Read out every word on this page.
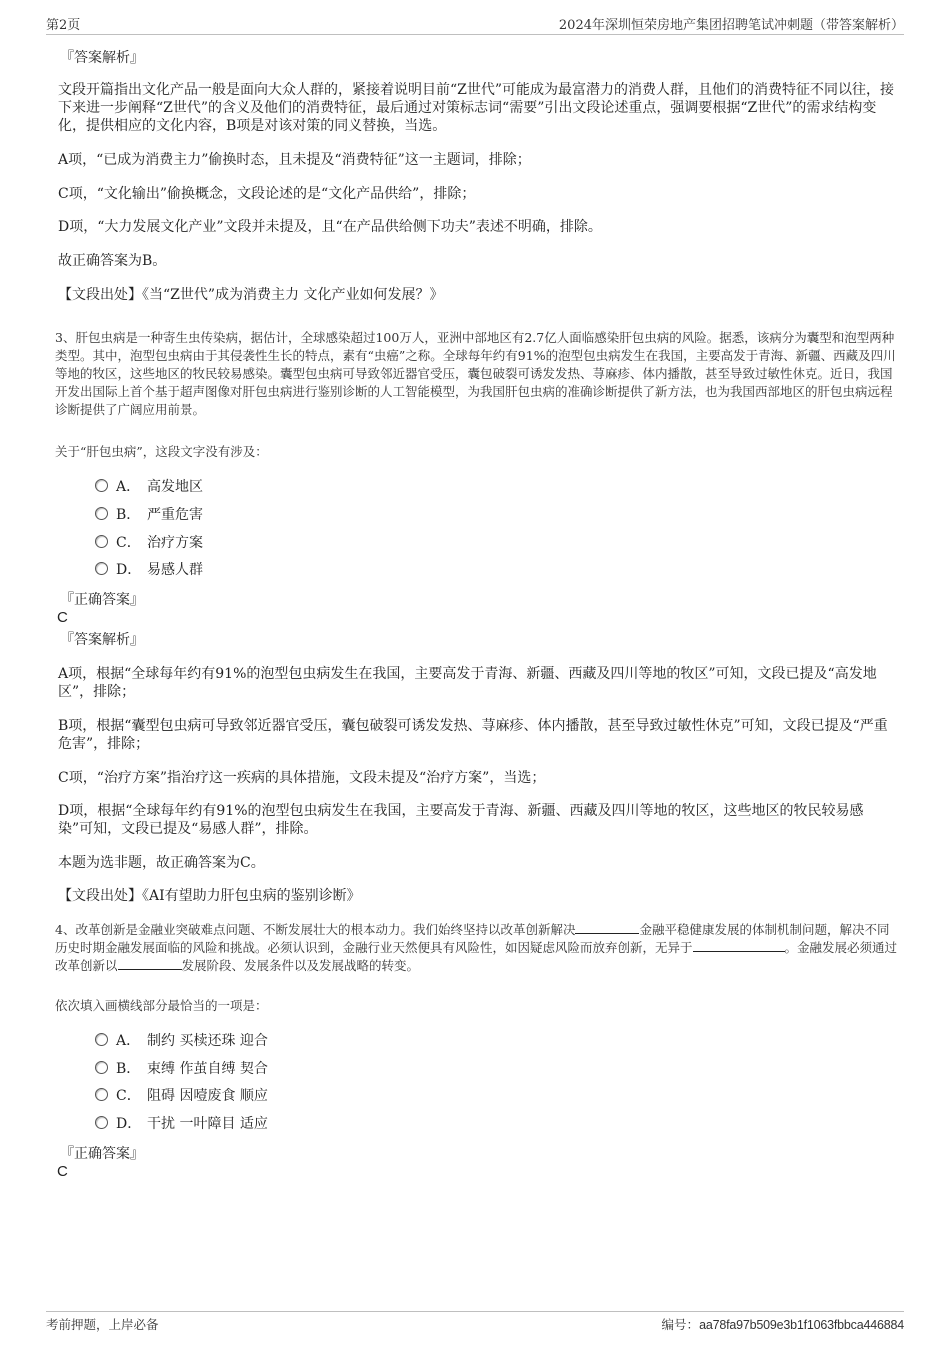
第2页	2024年深圳恒荣房地产集团招聘笔试冲刺题（带答案解析）
『答案解析』

文段开篇指出文化产品一般是面向大众人群的，紧接着说明目前“Z世代”可能成为最富潜力的消费人群，且他们的消费特征不同以往，接下来进一步阐释“Z世代”的含义及他们的消费特征，最后通过对策标志词“需要”引出文段论述重点，强调要根据“Z世代”的需求结构变化，提供相应的文化内容，B项是对该对策的同义替换，当选。

A项，“已成为消费主力”偷换时态，且未提及“消费特征”这一主题词，排除；

C项，“文化输出”偷换概念，文段论述的是“文化产品供给”，排除；

D项，“大力发展文化产业”文段并未提及，且“在产品供给侧下功夫”表述不明确，排除。

故正确答案为B。

【文段出处】《当“Z世代”成为消费主力 文化产业如何发展？》

3、肝包虫病是一种寄生虫传染病，据估计，全球感染超过100万人，亚洲中部地区有2.7亿人面临感染肝包虫病的风险。据悉，该病分为囊型和泡型两种类型。其中，泡型包虫病由于其侵袭性生长的特点，素有“虫癌”之称。全球每年约有91%的泡型包虫病发生在我国，主要高发于青海、新疆、西藏及四川等地的牧区，这些地区的牧民较易感染。囊型包虫病可导致邻近器官受压，囊包破裂可诱发发热、荨麻疹、体内播散，甚至导致过敏性休克。近日，我国开发出国际上首个基于超声图像对肝包虫病进行鉴别诊断的人工智能模型，为我国肝包虫病的准确诊断提供了新方法，也为我国西部地区的肝包虫病远程诊断提供了广阔应用前景。

关于“肝包虫病”，这段文字没有涉及：

A． 高发地区
B． 严重危害
C． 治疗方案
D． 易感人群
『正确答案』
C
『答案解析』

A项，根据“全球每年约有91%的泡型包虫病发生在我国，主要高发于青海、新疆、西藏及四川等地的牧区”可知，文段已提及“高发地区”，排除；

B项，根据“囊型包虫病可导致邻近器官受压，囊包破裂可诱发发热、荨麻疹、体内播散，甚至导致过敏性休克”可知，文段已提及“严重危害”，排除；

C项，“治疗方案”指治疗这一疾病的具体措施，文段未提及“治疗方案”，当选；

D项，根据“全球每年约有91%的泡型包虫病发生在我国，主要高发于青海、新疆、西藏及四川等地的牧区，这些地区的牧民较易感染”可知，文段已提及“易感人群”，排除。

本题为选非题，故正确答案为C。

【文段出处】《AI有望助力肝包虫病的鉴别诊断》

4、改革创新是金融业突破难点问题、不断发展壮大的根本动力。我们始终坚持以改革创新解决	金融平稳健康发展的体制机制问题，解决不同历史时期金融发展面临的风险和挑战。必须认识到，金融行业天然便具有风险性，如因疑虑风险而放弃创新，无异于	。金融发展必须通过改革创新以	发展阶段、发展条件以及发展战略的转变。

依次填入画横线部分最恰当的一项是：

A． 制约 买椟还珠 迎合
B． 束缚 作茧自缚 契合
C． 阻碍 因噎废食 顺应
D． 干扰 一叶障目 适应
『正确答案』
C
考前押题，上岸必备	编号：aa78fa97b509e3b1f1063fbbca446884
